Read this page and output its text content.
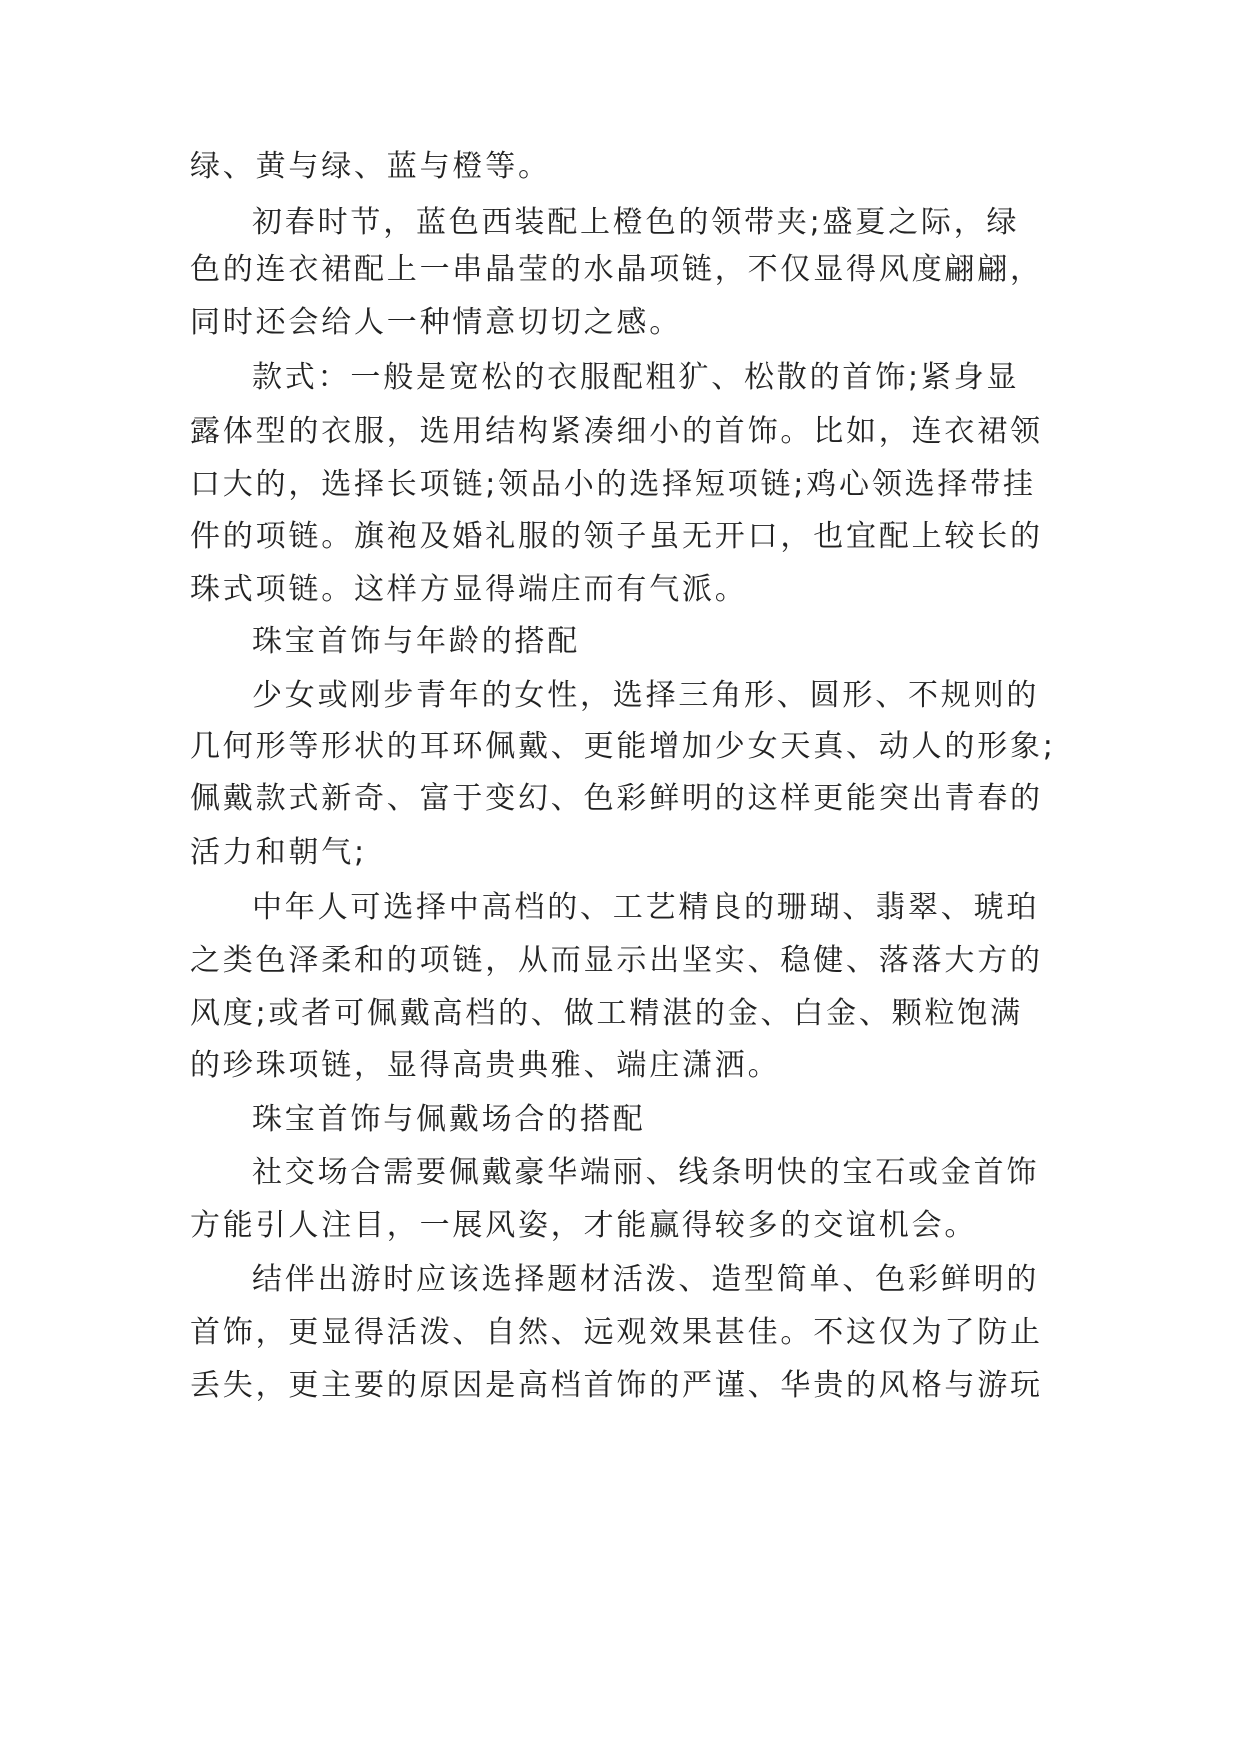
绿、黄与绿、蓝与橙等。
初春时节，蓝色西装配上橙色的领带夹;盛夏之际，绿
色的连衣裙配上一串晶莹的水晶项链，不仅显得风度翩翩，
同时还会给人一种情意切切之感。
款式：一般是宽松的衣服配粗犷、松散的首饰;紧身显
露体型的衣服，选用结构紧凑细小的首饰。比如，连衣裙领
口大的，选择长项链;领品小的选择短项链;鸡心领选择带挂
件的项链。旗袍及婚礼服的领子虽无开口，也宜配上较长的
珠式项链。这样方显得端庄而有气派。
珠宝首饰与年龄的搭配
少女或刚步青年的女性，选择三角形、圆形、不规则的
几何形等形状的耳环佩戴、更能增加少女天真、动人的形象;
佩戴款式新奇、富于变幻、色彩鲜明的这样更能突出青春的
活力和朝气;
中年人可选择中高档的、工艺精良的珊瑚、翡翠、琥珀
之类色泽柔和的项链，从而显示出坚实、稳健、落落大方的
风度;或者可佩戴高档的、做工精湛的金、白金、颗粒饱满
的珍珠项链，显得高贵典雅、端庄潇洒。
珠宝首饰与佩戴场合的搭配
社交场合需要佩戴豪华端丽、线条明快的宝石或金首饰
方能引人注目，一展风姿，才能赢得较多的交谊机会。
结伴出游时应该选择题材活泼、造型简单、色彩鲜明的
首饰，更显得活泼、自然、远观效果甚佳。不这仅为了防止
丢失，更主要的原因是高档首饰的严谨、华贵的风格与游玩
